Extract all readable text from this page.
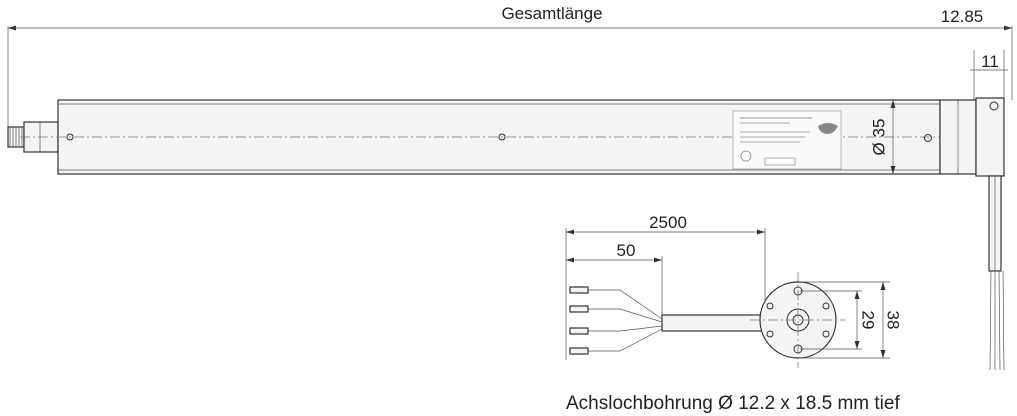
Gesamtlänge	12.85
11
Ø 35
2500
50
38
29
Achslochbohrung Ø 12.2 x 18.5 mm tief
